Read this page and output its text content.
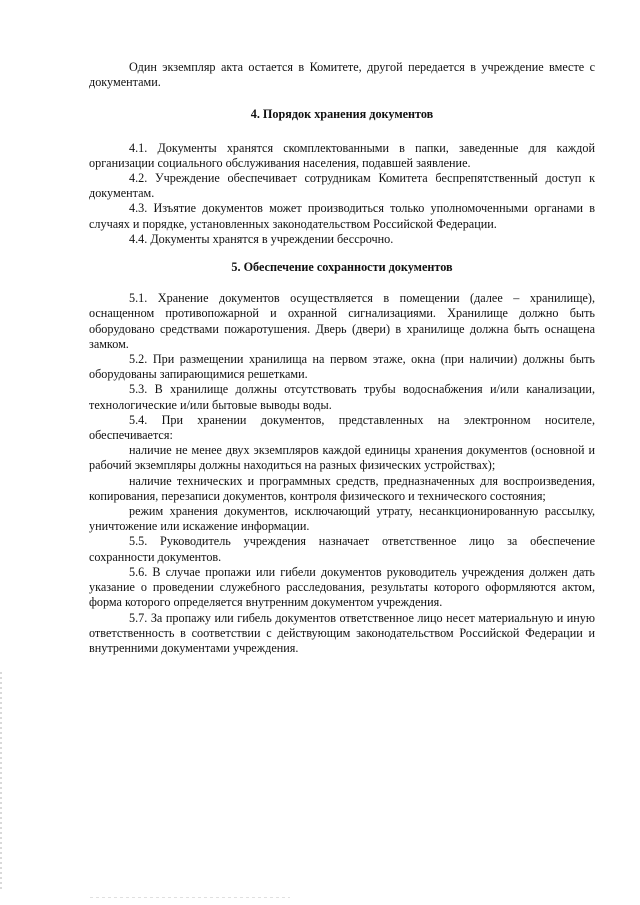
Один экземпляр акта остается в Комитете, другой передается в учреждение вместе с документами.

4. Порядок хранения документов

4.1. Документы хранятся скомплектованными в папки, заведенные для каждой организации социального обслуживания населения, подавшей заявление.

4.2. Учреждение обеспечивает сотрудникам Комитета беспрепятственный доступ к документам.

4.3. Изъятие документов может производиться только уполномоченными органами в случаях и порядке, установленных законодательством Российской Федерации.

4.4. Документы хранятся в учреждении бессрочно.

5. Обеспечение сохранности документов

5.1. Хранение документов осуществляется в помещении (далее – хранилище), оснащенном противопожарной и охранной сигнализациями. Хранилище должно быть оборудовано средствами пожаротушения. Дверь (двери) в хранилище должна быть оснащена замком.

5.2. При размещении хранилища на первом этаже, окна (при наличии) должны быть оборудованы запирающимися решетками.

5.3. В хранилище должны отсутствовать трубы водоснабжения и/или канализации, технологические и/или бытовые выводы воды.

5.4. При хранении документов, представленных на электронном носителе, обеспечивается:

наличие не менее двух экземпляров каждой единицы хранения документов (основной и рабочий экземпляры должны находиться на разных физических устройствах);

наличие технических и программных средств, предназначенных для воспроизведения, копирования, перезаписи документов, контроля физического и технического состояния;

режим хранения документов, исключающий утрату, несанкционированную рассылку, уничтожение или искажение информации.

5.5. Руководитель учреждения назначает ответственное лицо за обеспечение сохранности документов.

5.6. В случае пропажи или гибели документов руководитель учреждения должен дать указание о проведении служебного расследования, результаты которого оформляются актом, форма которого определяется внутренним документом учреждения.

5.7. За пропажу или гибель документов ответственное лицо несет материальную и иную ответственность в соответствии с действующим законодательством Российской Федерации и внутренними документами учреждения.
